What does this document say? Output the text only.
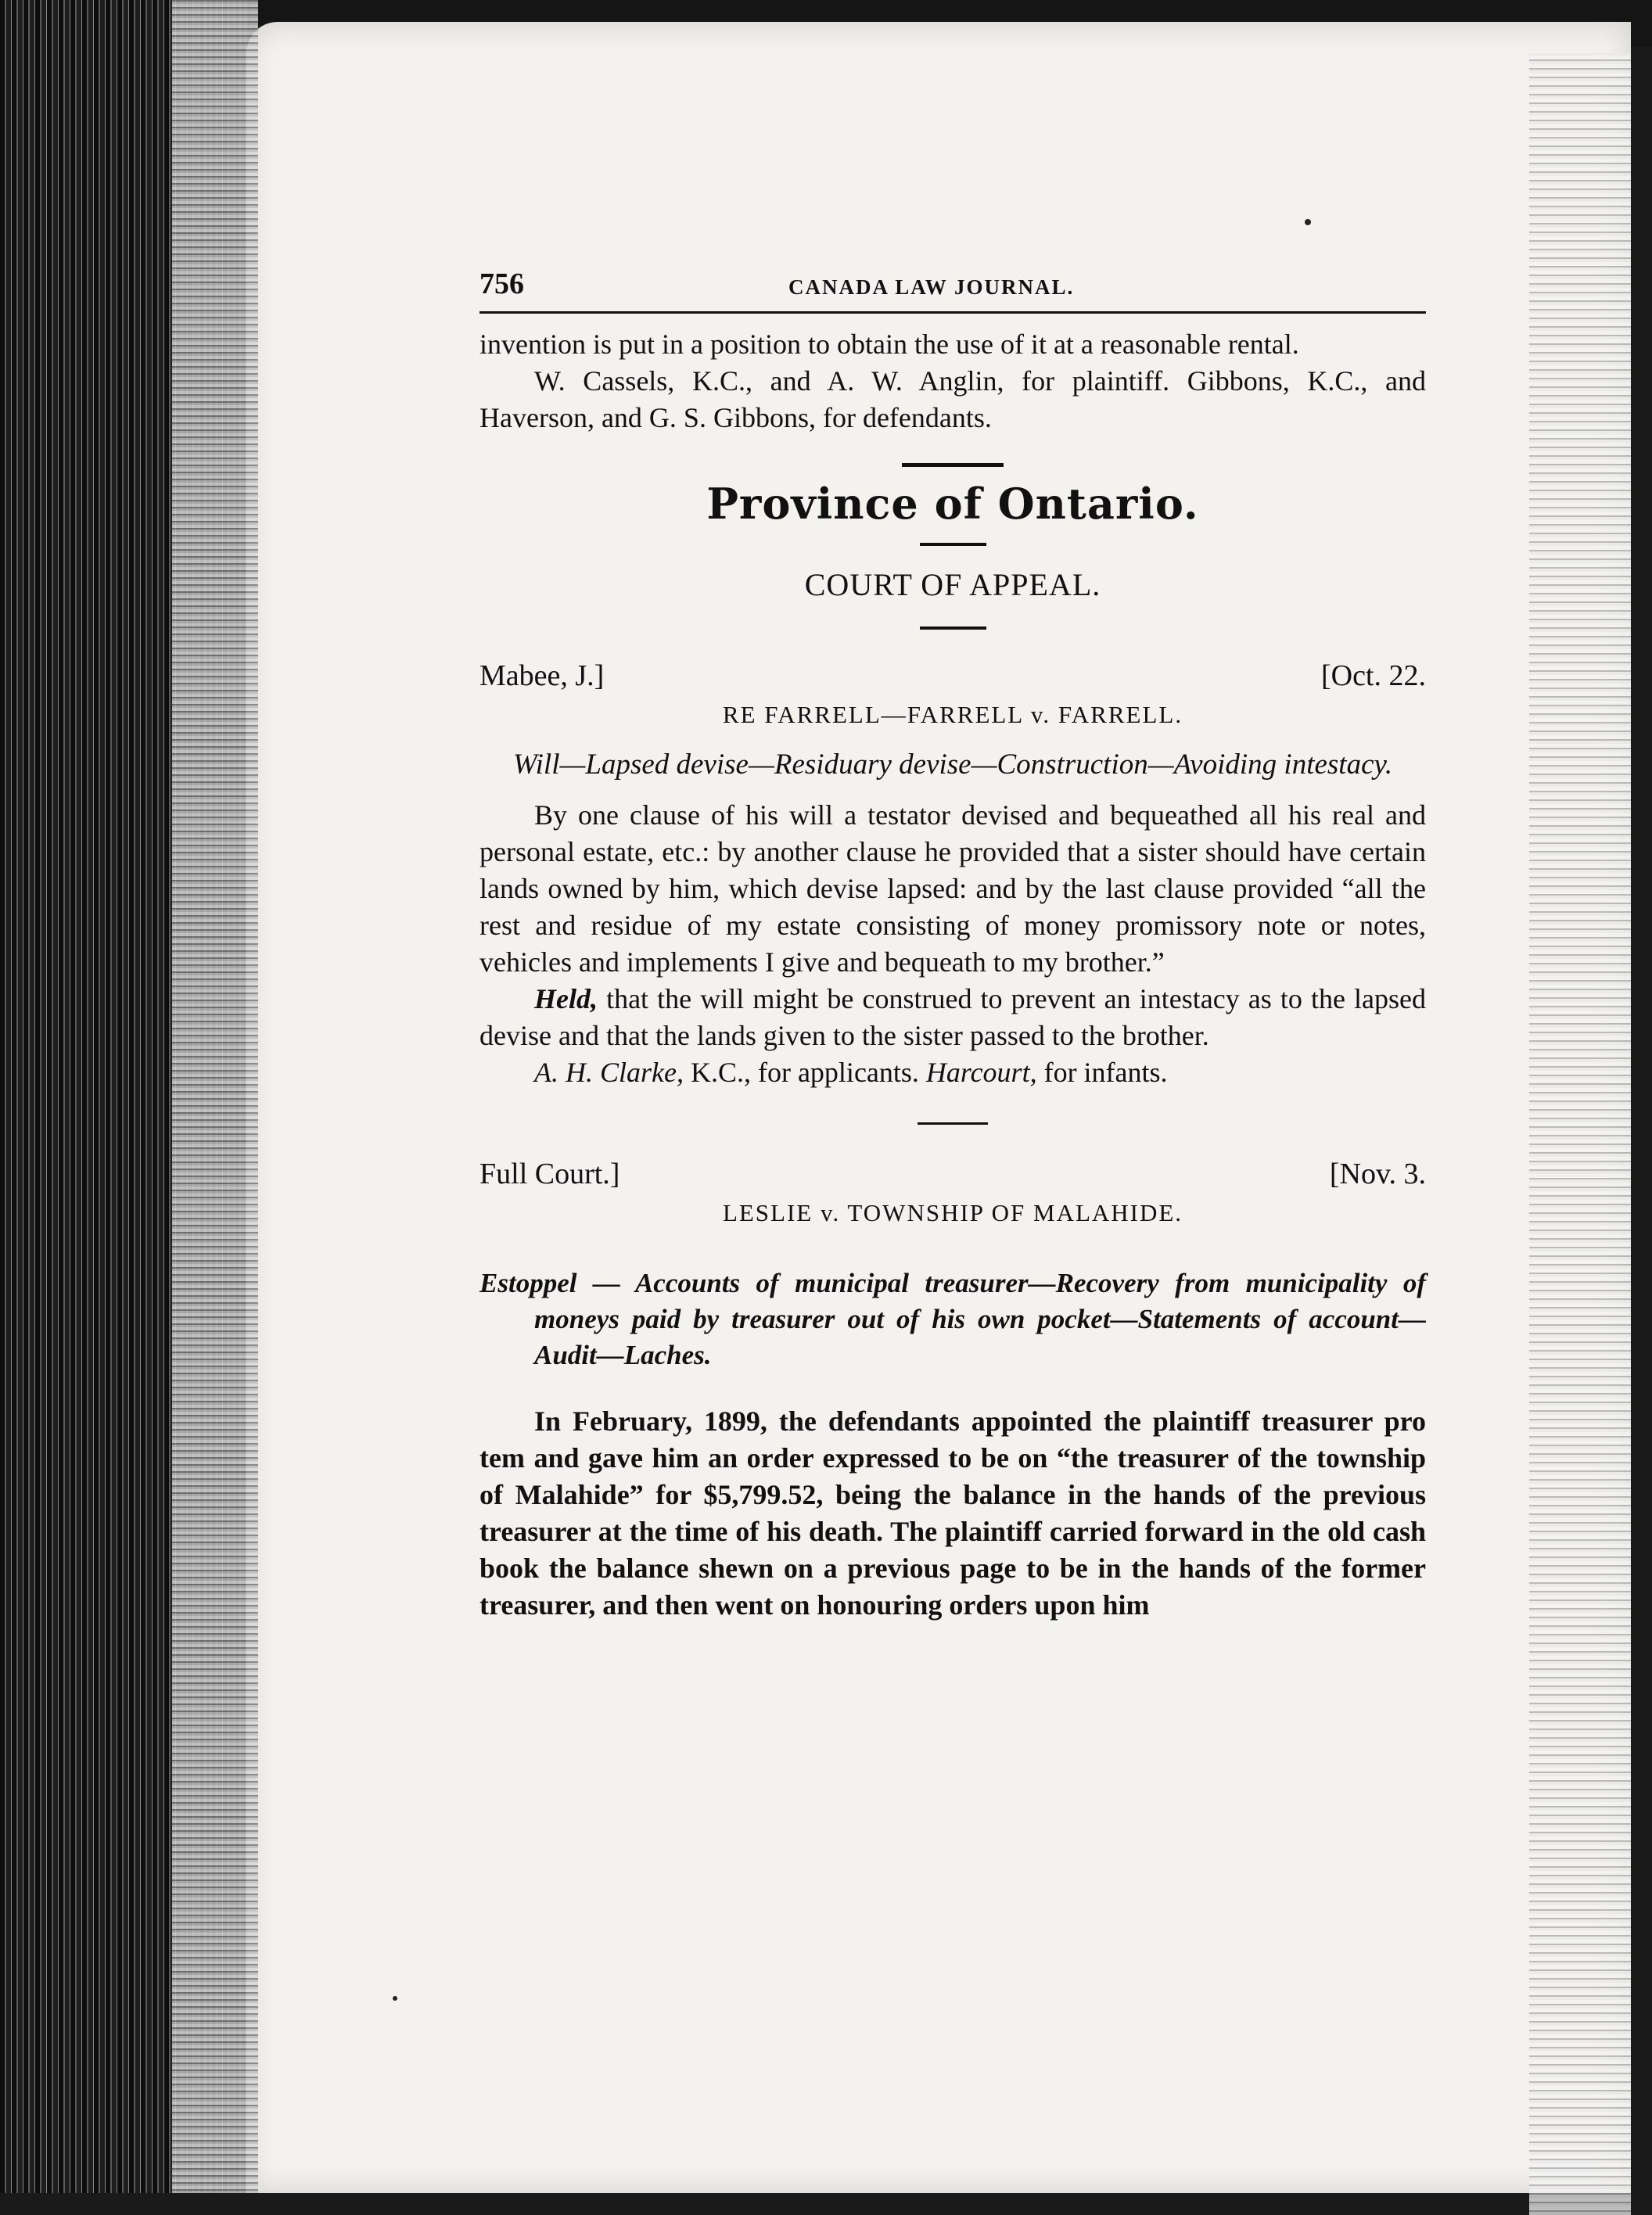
756	CANADA LAW JOURNAL.

invention is put in a position to obtain the use of it at a reasonable rental.

W. Cassels, K.C., and A. W. Anglin, for plaintiff. Gibbons, K.C., and Haverson, and G. S. Gibbons, for defendants.

Province of Ontario.
COURT OF APPEAL.
Mabee, J.]	[Oct. 22.
RE FARRELL—FARRELL v. FARRELL.
Will—Lapsed devise—Residuary devise—Construction—Avoiding intestacy.

By one clause of his will a testator devised and bequeathed all his real and personal estate, etc.: by another clause he provided that a sister should have certain lands owned by him, which devise lapsed: and by the last clause provided “all the rest and residue of my estate consisting of money promissory note or notes, vehicles and implements I give and bequeath to my brother.”

Held, that the will might be construed to prevent an intestacy as to the lapsed devise and that the lands given to the sister passed to the brother.

A. H. Clarke, K.C., for applicants. Harcourt, for infants.

Full Court.]	[Nov. 3.
LESLIE v. TOWNSHIP OF MALAHIDE.
Estoppel — Accounts of municipal treasurer—Recovery from municipality of moneys paid by treasurer out of his own pocket—Statements of account—Audit—Laches.

In February, 1899, the defendants appointed the plaintiff treasurer pro tem and gave him an order expressed to be on “the treasurer of the township of Malahide” for $5,799.52, being the balance in the hands of the previous treasurer at the time of his death. The plaintiff carried forward in the old cash book the balance shewn on a previous page to be in the hands of the former treasurer, and then went on honouring orders upon him
